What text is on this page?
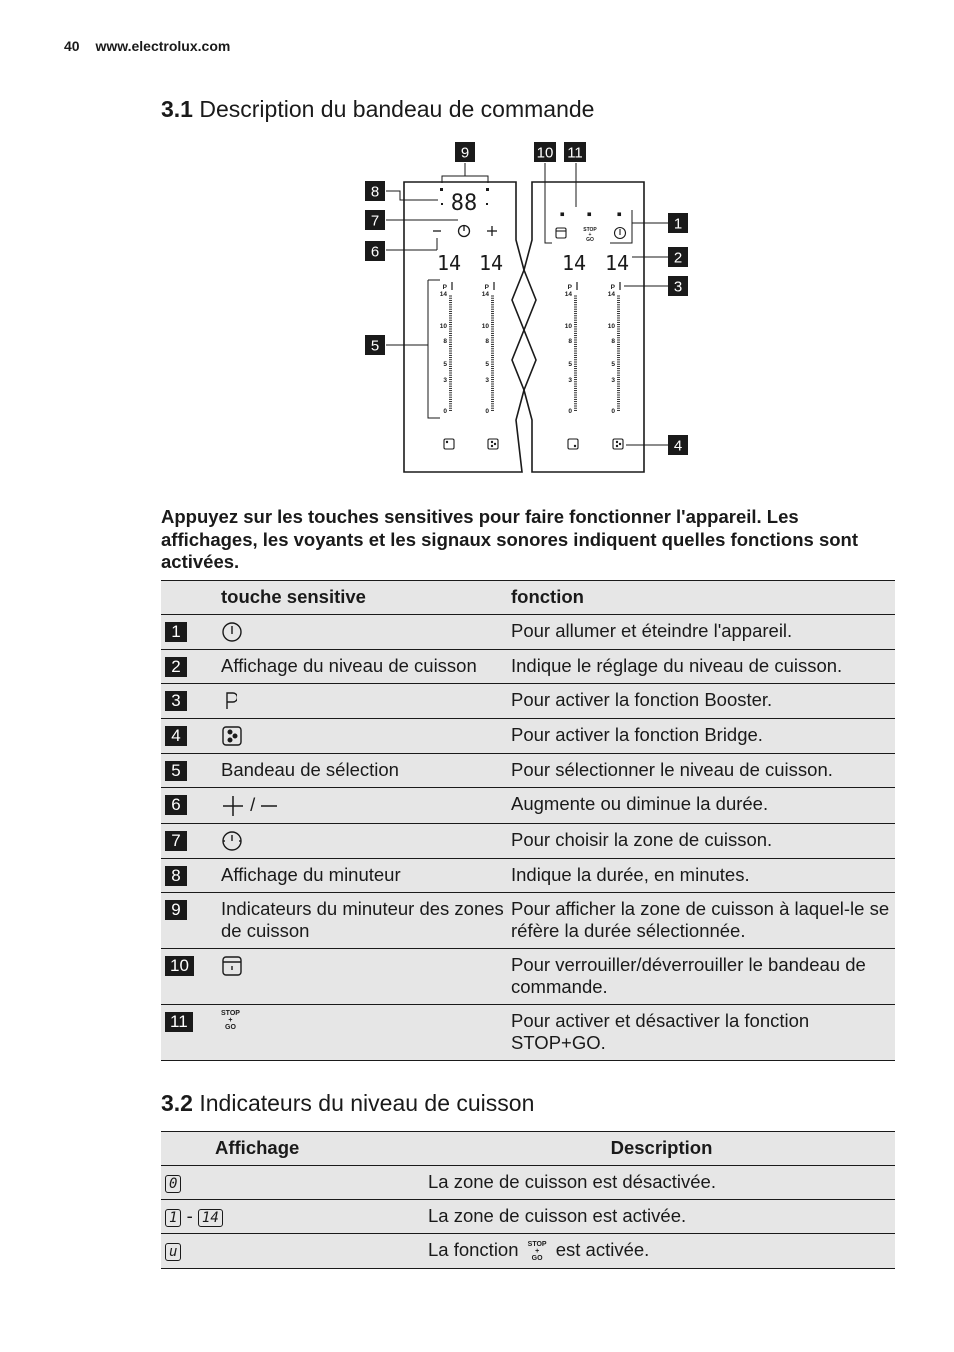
40 www.electrolux.com
3.1 Description du bandeau de commande
88
14 14	14 14
P
14
10
8
5
3
0
P
14
10
8
5
3
0
P
14
10
8
5
3
0
P
14
10
8
5
3
0
STOP
+
GO
1
2
3
4
5
6
7
8
9	10 11
Appuyez sur les touches sensitives pour faire fonctionner l'appareil. Les affichages, les voyants et les signaux sonores indiquent quelles fonctions sont activées.
	touche sensitive	fonction
1		Pour allumer et éteindre l'appareil.
2	Affichage du niveau de cuisson	Indique le réglage du niveau de cuisson.
3		Pour activer la fonction Booster.
4		Pour activer la fonction Bridge.
5	Bandeau de sélection	Pour sélectionner le niveau de cuisson.
6	/	Augmente ou diminue la durée.
7		Pour choisir la zone de cuisson.
8	Affichage du minuteur	Indique la durée, en minutes.
9	Indicateurs du minuteur des zones de cuisson	Pour afficher la zone de cuisson à laquel-le se réfère la durée sélectionnée.
10		Pour verrouiller/déverrouiller le bandeau de commande.
11	STOP
+
GO	Pour activer et désactiver la fonction STOP+GO.
3.2 Indicateurs du niveau de cuisson
Affichage	Description
0	La zone de cuisson est désactivée.
1 - 14	La zone de cuisson est activée.
u	La fonction STOP
+
GO est activée.
